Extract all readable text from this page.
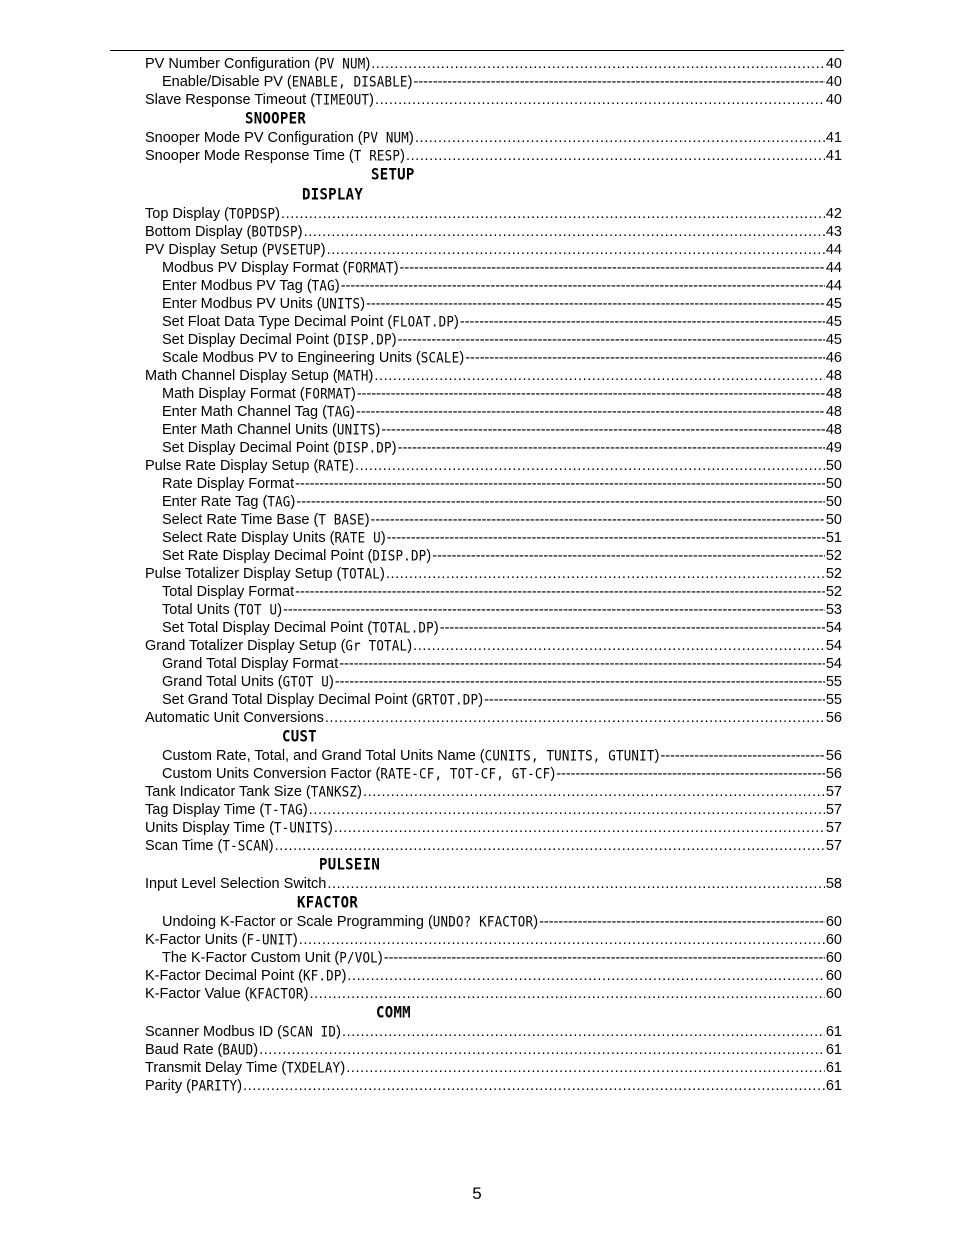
PV Number Configuration (PV NUM) .....	40
Enable/Disable PV (ENABLE, DISABLE) -----	40
Slave Response Timeout (TIMEOUT) .....	40
SNOOPER
Snooper Mode PV Configuration (PV NUM) .....	41
Snooper Mode Response Time (T RESP) .....	41
SETUP
DISPLAY
Top Display (TOPDSP) .....	42
Bottom Display (BOTDSP) .....	43
PV Display Setup (PVSETUP) .....	44
Modbus PV Display Format (FORMAT) -----	44
Enter Modbus PV Tag (TAG) -----	44
Enter Modbus PV Units (UNITS) -----	45
Set Float Data Type Decimal Point (FLOAT.DP) -----	45
Set Display Decimal Point (DISP.DP) -----	45
Scale Modbus PV to Engineering Units (SCALE) -----	46
Math Channel Display Setup (MATH) .....	48
Math Display Format (FORMAT) -----	48
Enter Math Channel Tag (TAG) -----	48
Enter Math Channel Units (UNITS) -----	48
Set Display Decimal Point (DISP.DP) -----	49
Pulse Rate Display Setup (RATE) .....	50
Rate Display Format -----	50
Enter Rate Tag (TAG) -----	50
Select Rate Time Base (T BASE) -----	50
Select Rate Display Units (RATE U) -----	51
Set Rate Display Decimal Point (DISP.DP) -----	52
Pulse Totalizer Display Setup (TOTAL) .....	52
Total Display Format -----	52
Total Units (TOT U) -----	53
Set Total Display Decimal Point (TOTAL.DP) -----	54
Grand Totalizer Display Setup (Gr TOTAL) .....	54
Grand Total Display Format -----	54
Grand Total Units (GTOT U) -----	55
Set Grand Total Display Decimal Point (GRTOT.DP) -----	55
Automatic Unit Conversions .....	56
CUST
Custom Rate, Total, and Grand Total Units Name (CUNITS, TUNITS, GTUNIT) -----	56
Custom Units Conversion Factor (RATE-CF, TOT-CF, GT-CF) -----	56
Tank Indicator Tank Size (TANKSZ) .....	57
Tag Display Time (T-TAG) .....	57
Units Display Time (T-UNITS) .....	57
Scan Time (T-SCAN) .....	57
PULSEIN
Input Level Selection Switch .....	58
KFACTOR
Undoing K-Factor or Scale Programming (UNDO? KFACTOR) -----	60
K-Factor Units (F-UNIT) .....	60
The K-Factor Custom Unit (P/VOL) -----	60
K-Factor Decimal Point (KF.DP) .....	60
K-Factor Value (KFACTOR) .....	60
COMM
Scanner Modbus ID (SCAN ID) .....	61
Baud Rate (BAUD) .....	61
Transmit Delay Time (TXDELAY) .....	61
Parity (PARITY) .....	61
5
